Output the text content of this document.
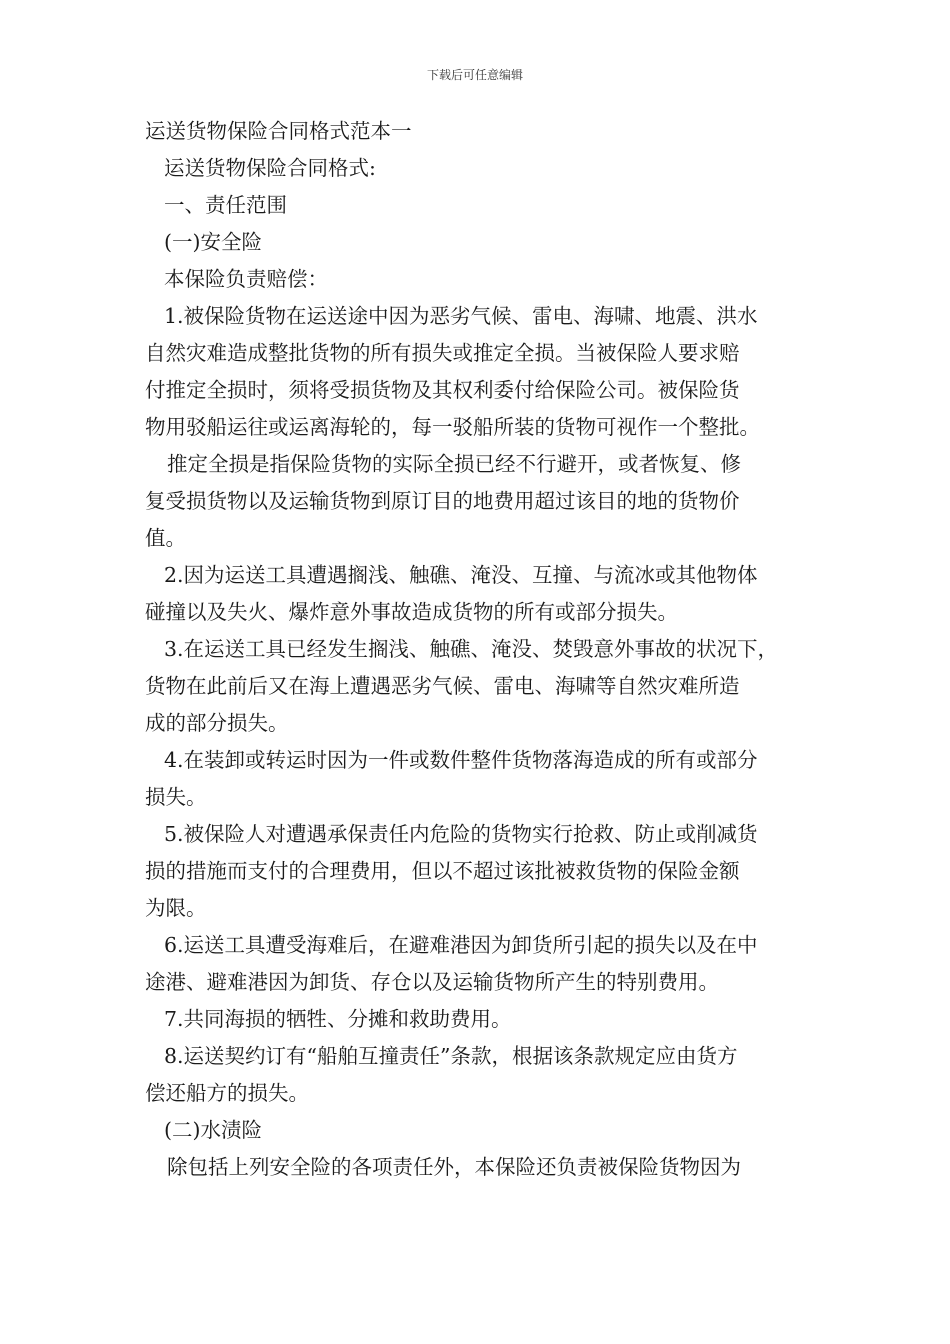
下载后可任意编辑

运送货物保险合同格式范本一

运送货物保险合同格式:

一、责任范围

(一)安全险

本保险负责赔偿：

1.被保险货物在运送途中因为恶劣气候、雷电、海啸、地震、洪水

自然灾难造成整批货物的所有损失或推定全损。当被保险人要求赔

付推定全损时，须将受损货物及其权利委付给保险公司。被保险货

物用驳船运往或运离海轮的，每一驳船所装的货物可视作一个整批。

推定全损是指保险货物的实际全损已经不行避开，或者恢复、修

复受损货物以及运输货物到原订目的地费用超过该目的地的货物价

值。

2.因为运送工具遭遇搁浅、触礁、淹没、互撞、与流冰或其他物体

碰撞以及失火、爆炸意外事故造成货物的所有或部分损失。

3.在运送工具已经发生搁浅、触礁、淹没、焚毁意外事故的状况下，

货物在此前后又在海上遭遇恶劣气候、雷电、海啸等自然灾难所造

成的部分损失。

4.在装卸或转运时因为一件或数件整件货物落海造成的所有或部分

损失。

5.被保险人对遭遇承保责任内危险的货物实行抢救、防止或削减货

损的措施而支付的合理费用，但以不超过该批被救货物的保险金额

为限。

6.运送工具遭受海难后，在避难港因为卸货所引起的损失以及在中

途港、避难港因为卸货、存仓以及运输货物所产生的特别费用。

7.共同海损的牺牲、分摊和救助费用。

8.运送契约订有“船舶互撞责任”条款，根据该条款规定应由货方

偿还船方的损失。

(二)水渍险

除包括上列安全险的各项责任外，本保险还负责被保险货物因为
